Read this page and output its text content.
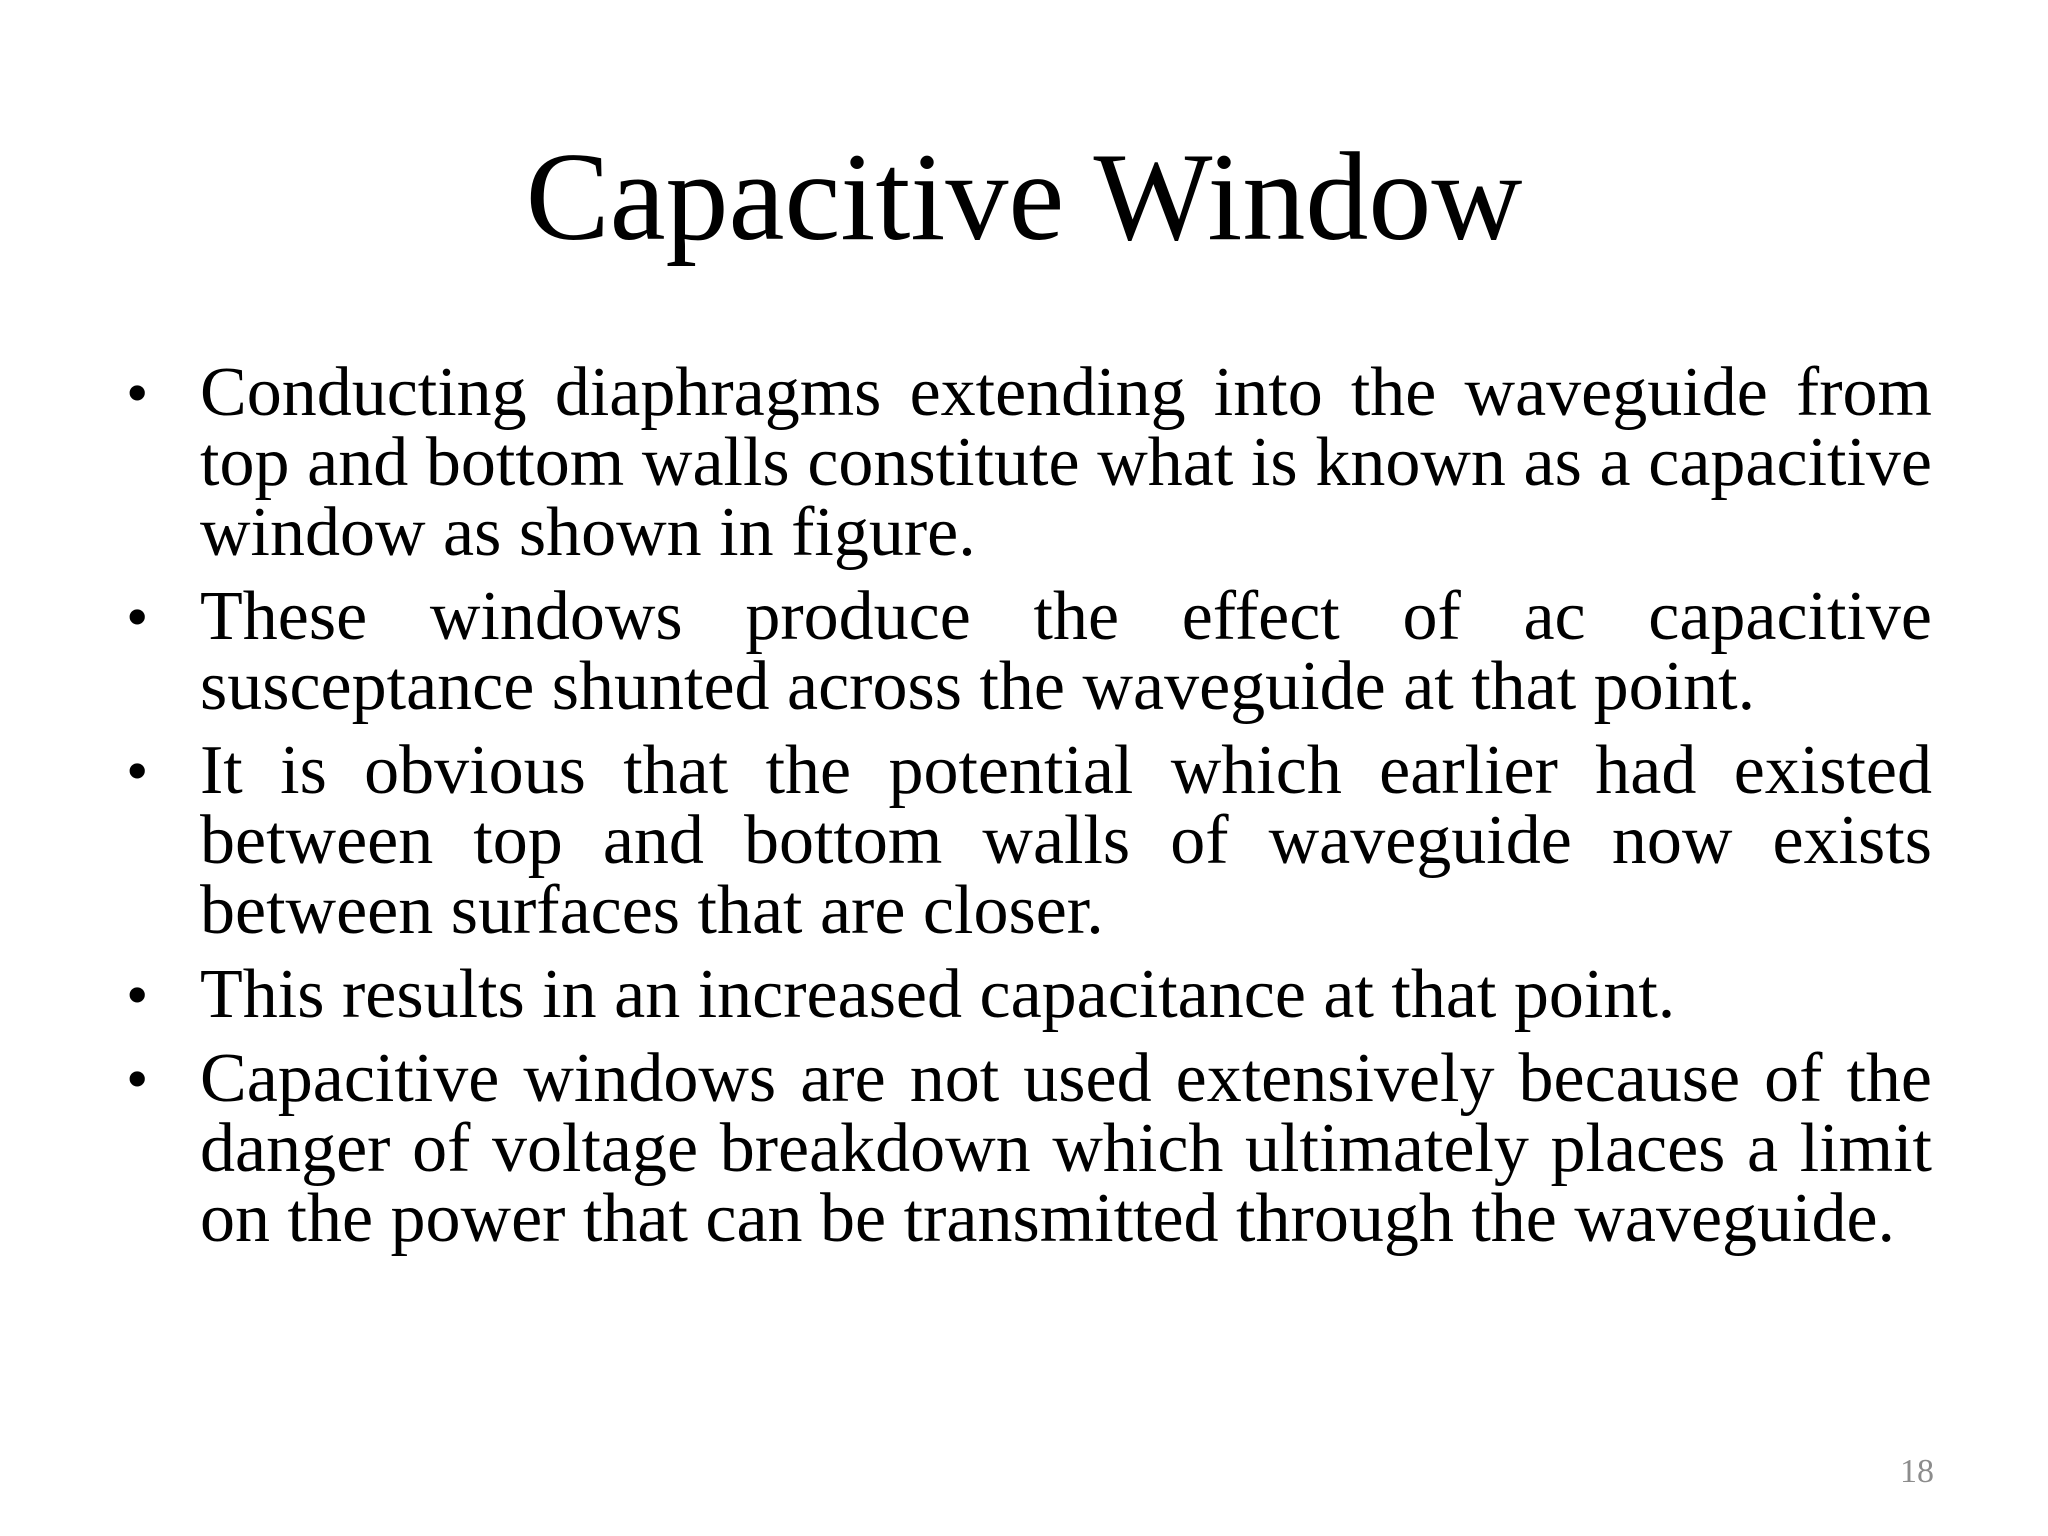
Capacitive Window
• Conducting diaphragms extending into the waveguide from top and bottom walls constitute what is known as a capacitive window as shown in figure.
• These windows produce the effect of ac capacitive susceptance shunted across the waveguide at that point.
• It is obvious that the potential which earlier had existed between top and bottom walls of waveguide now exists between surfaces that are closer.
• This results in an increased capacitance at that point.
• Capacitive windows are not used extensively because of the danger of voltage breakdown which ultimately places a limit on the power that can be transmitted through the waveguide.
18
